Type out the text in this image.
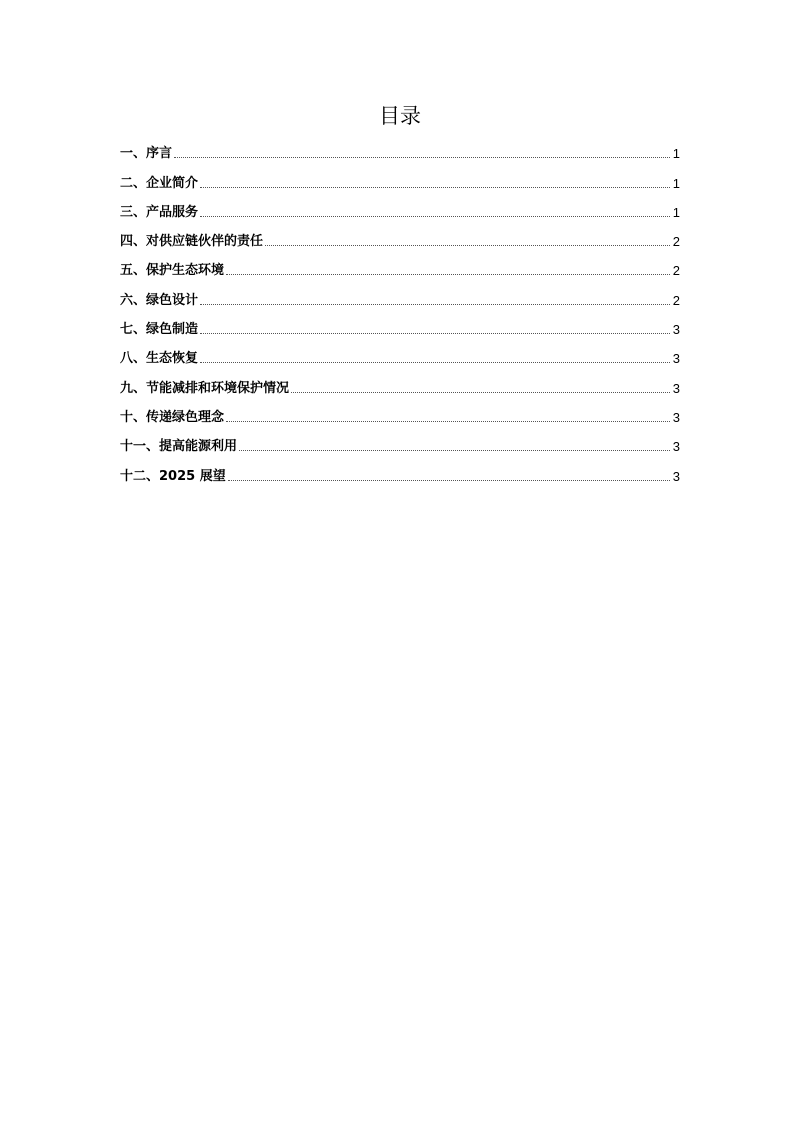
目录
一、序言	1
二、企业简介	1
三、产品服务	1
四、对供应链伙伴的责任	2
五、保护生态环境	2
六、绿色设计	2
七、绿色制造	3
八、生态恢复	3
九、节能减排和环境保护情况	3
十、传递绿色理念	3
十一、提高能源利用	3
十二、2025 展望	3
